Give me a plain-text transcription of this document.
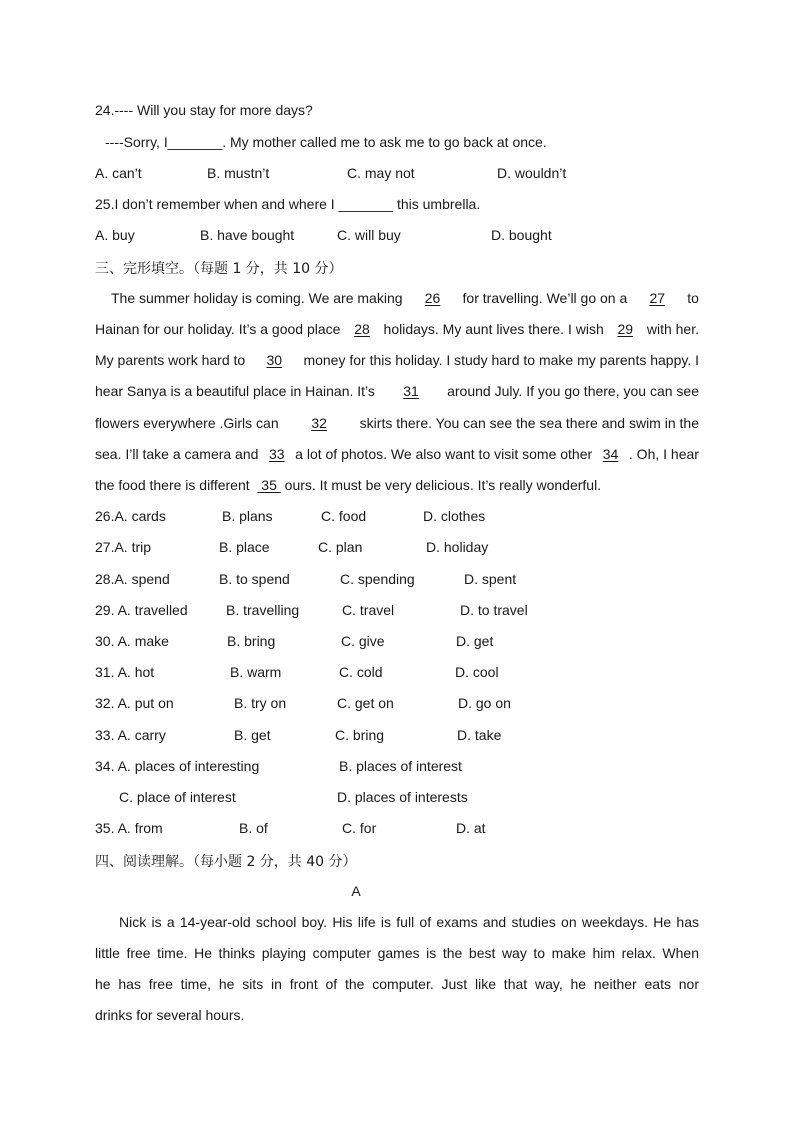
24.---- Will you stay for more days?
----Sorry, I_______. My mother called me to ask me to go back at once.
A. can’t	B. mustn’t	C. may not	D. wouldn’t
25.I don’t remember when and where I _______ this umbrella.
A. buy	B. have bought	C. will buy	D. bought
三、完形填空。（每题 1 分，共 10 分）
The summer holiday is coming. We are making 26 for travelling. We’ll go on a 27 to
Hainan for our holiday. It’s a good place 28 holidays. My aunt lives there. I wish 29 with her.
My parents work hard to 30 money for this holiday. I study hard to make my parents happy. I
hear Sanya is a beautiful place in Hainan. It’s 31 around July. If you go there, you can see
flowers everywhere .Girls can 32 skirts there. You can see the sea there and swim in the
sea. I’ll take a camera and 33 a lot of photos. We also want to visit some other 34 . Oh, I hear
the food there is different   35  ours. It must be very delicious. It’s really wonderful.
26.A. cards	B. plans	C. food	D. clothes
27.A. trip	B. place	C. plan	D. holiday
28.A. spend	B. to spend	C. spending	D. spent
29. A. travelled	B. travelling	C. travel	D. to travel
30. A. make	B. bring	C. give	D. get
31. A. hot	B. warm	C. cold	D. cool
32. A. put on	B. try on	C. get on	D. go on
33. A. carry	B. get	C. bring	D. take
34. A. places of interesting	B. places of interest
C. place of interest	D. places of interests
35. A. from	B. of	C. for	D. at
四、阅读理解。（每小题 2 分，共 40 分）
A
Nick is a 14-year-old school boy. His life is full of exams and studies on weekdays. He has
little free time. He thinks playing computer games is the best way to make him relax. When
he has free time, he sits in front of the computer. Just like that way, he neither eats nor
drinks for several hours.
